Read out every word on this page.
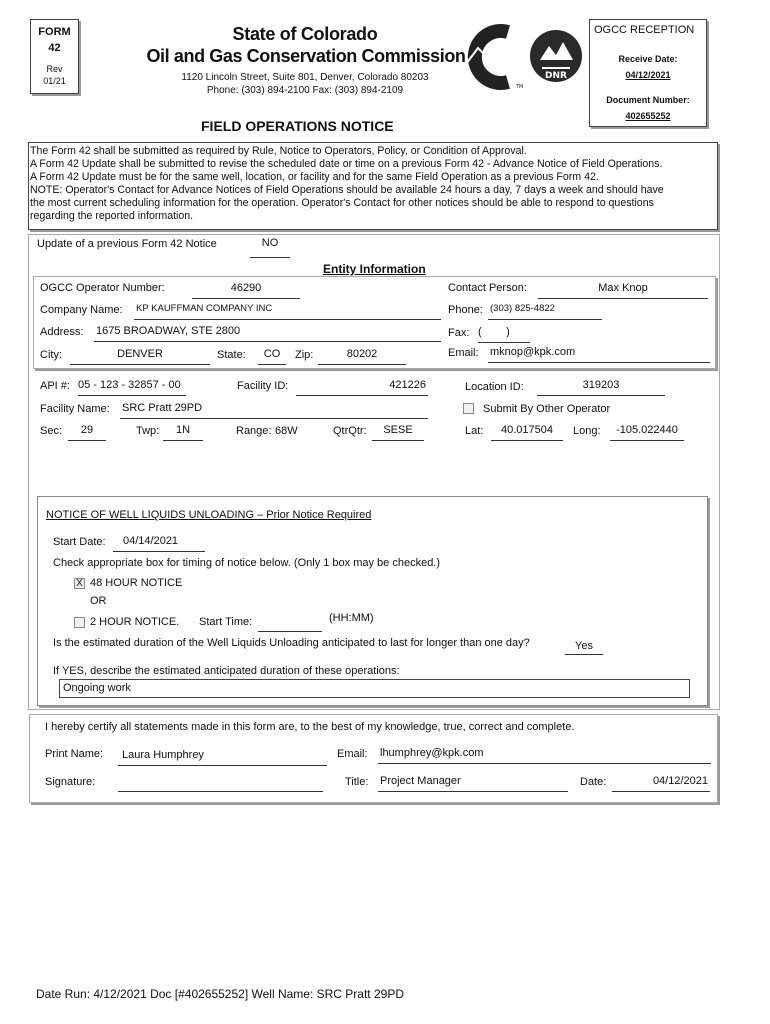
FORM
42
Rev
01/21
State of Colorado
Oil and Gas Conservation Commission
1120 Lincoln Street, Suite 801, Denver, Colorado 80203
Phone: (303) 894-2100 Fax: (303) 894-2109
DNR
TM
OGCC RECEPTION
Receive Date:
04/12/2021
Document Number:
402655252
FIELD OPERATIONS NOTICE
The Form 42 shall be submitted as required by Rule, Notice to Operators, Policy, or Condition of Approval.
A Form 42 Update shall be submitted to revise the scheduled date or time on a previous Form 42 - Advance Notice of Field Operations.
A Form 42 Update must be for the same well, location, or facility and for the same Field Operation as a previous Form 42.
NOTE: Operator's Contact for Advance Notices of Field Operations should be available 24 hours a day, 7 days a week and should have
the most current scheduling information for the operation. Operator's Contact for other notices should be able to respond to questions
regarding the reported information.
Update of a previous Form 42 Notice	NO
Entity Information
OGCC Operator Number:	46290	Contact Person:	Max Knop
Company Name: KP KAUFFMAN COMPANY INC	Phone: (303) 825-4822
Address: 1675 BROADWAY, STE 2800	Fax: (        )
City:	DENVER	State:	CO	Zip:	80202	Email: mknop@kpk.com
API #: 05 - 123 - 32857 - 00	Facility ID:	421226	Location ID:	319203
Facility Name: SRC Pratt 29PD	Submit By Other Operator
Sec:	29	Twp:	1N	Range: 68W	QtrQtr:	SESE	Lat:	40.017504	Long:	-105.022440
NOTICE OF WELL LIQUIDS UNLOADING – Prior Notice Required
Start Date:	04/14/2021
Check appropriate box for timing of notice below. (Only 1 box may be checked.)
X 48 HOUR NOTICE
OR
2 HOUR NOTICE. Start Time:	(HH:MM)
Is the estimated duration of the Well Liquids Unloading anticipated to last for longer than one day?	Yes
If YES, describe the estimated anticipated duration of these operations:
Ongoing work
I hereby certify all statements made in this form are, to the best of my knowledge, true, correct and complete.
Print Name:	Laura Humphrey	Email: lhumphrey@kpk.com
Signature:	Title: Project Manager	Date:	04/12/2021
Date Run: 4/12/2021 Doc [#402655252] Well Name: SRC Pratt 29PD
